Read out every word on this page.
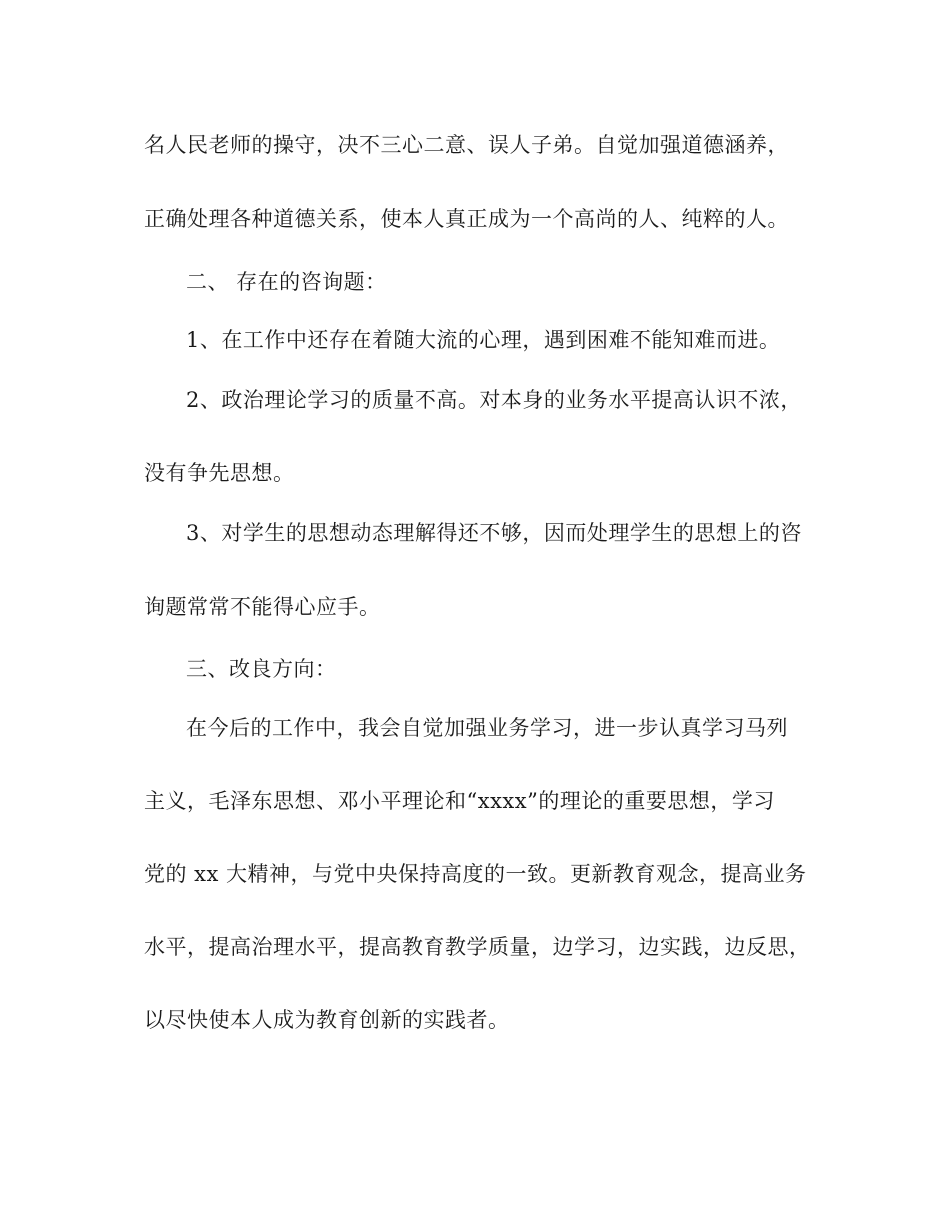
名人民老师的操守，决不三心二意、误人子弟。自觉加强道德涵养，
正确处理各种道德关系，使本人真正成为一个高尚的人、纯粹的人。
二、 存在的咨询题：
1、在工作中还存在着随大流的心理，遇到困难不能知难而进。
2、政治理论学习的质量不高。对本身的业务水平提高认识不浓，
没有争先思想。
3、对学生的思想动态理解得还不够，因而处理学生的思想上的咨
询题常常不能得心应手。
三、改良方向：
在今后的工作中，我会自觉加强业务学习，进一步认真学习马列
主义，毛泽东思想、邓小平理论和“xxxx”的理论的重要思想，学习
党的 xx 大精神，与党中央保持高度的一致。更新教育观念，提高业务
水平，提高治理水平，提高教育教学质量，边学习，边实践，边反思，
以尽快使本人成为教育创新的实践者。
